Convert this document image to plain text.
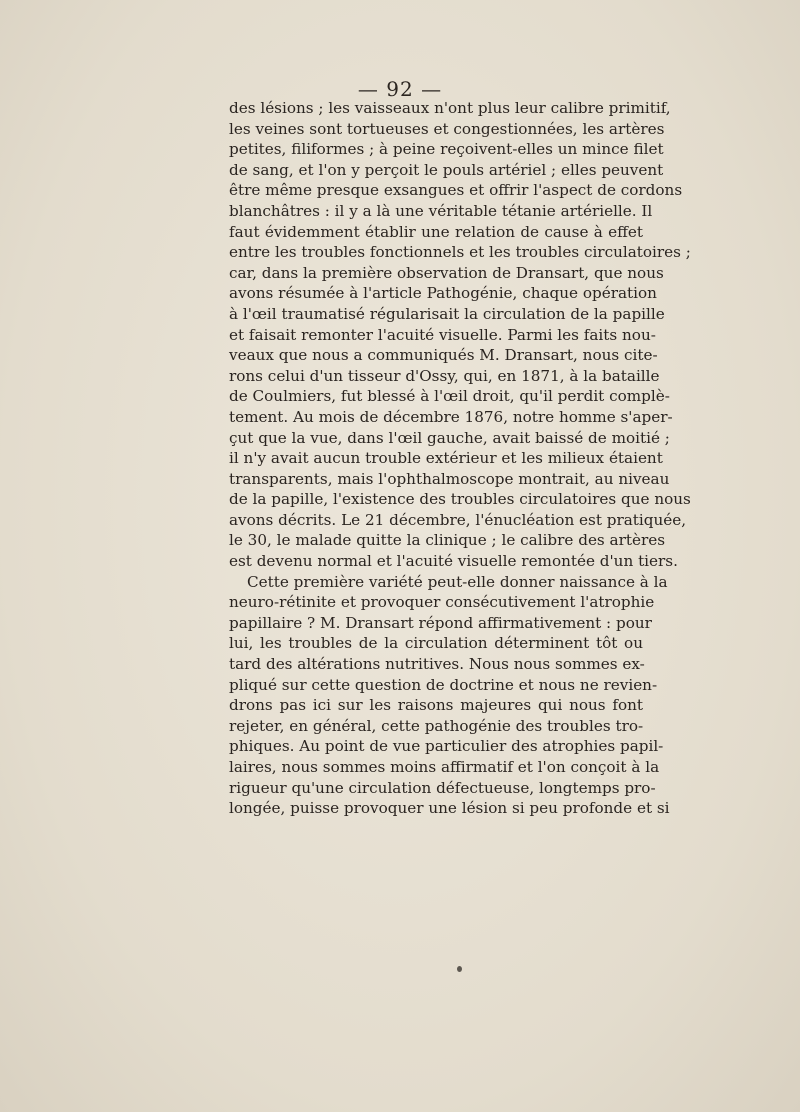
— 92 —
des lésions ; les vaisseaux n'ont plus leur calibre primitif,
les veines sont tortueuses et congestionnées, les artères
petites, filiformes ; à peine reçoivent-elles un mince filet
de sang, et l'on y perçoit le pouls artériel ; elles peuvent
être même presque exsangues et offrir l'aspect de cordons
blanchâtres : il y a là une véritable tétanie artérielle. Il
faut évidemment établir une relation de cause à effet
entre les troubles fonctionnels et les troubles circulatoires ;
car, dans la première observation de Dransart, que nous
avons résumée à l'article Pathogénie, chaque opération
à l'œil traumatisé régularisait la circulation de la papille
et faisait remonter l'acuité visuelle. Parmi les faits nou-
veaux que nous a communiqués M. Dransart, nous cite-
rons celui d'un tisseur d'Ossy, qui, en 1871, à la bataille
de Coulmiers, fut blessé à l'œil droit, qu'il perdit complè-
tement. Au mois de décembre 1876, notre homme s'aper-
çut que la vue, dans l'œil gauche, avait baissé de moitié ;
il n'y avait aucun trouble extérieur et les milieux étaient
transparents, mais l'ophthalmoscope montrait, au niveau
de la papille, l'existence des troubles circulatoires que nous
avons décrits. Le 21 décembre, l'énucléation est pratiquée,
le 30, le malade quitte la clinique ; le calibre des artères
est devenu normal et l'acuité visuelle remontée d'un tiers.
Cette première variété peut-elle donner naissance à la
neuro-rétinite et provoquer consécutivement l'atrophie
papillaire ? M. Dransart répond affirmativement : pour
lui, les troubles de la circulation déterminent tôt ou
tard des altérations nutritives. Nous nous sommes ex-
pliqué sur cette question de doctrine et nous ne revien-
drons pas ici sur les raisons majeures qui nous font
rejeter, en général, cette pathogénie des troubles tro-
phiques. Au point de vue particulier des atrophies papil-
laires, nous sommes moins affirmatif et l'on conçoit à la
rigueur qu'une circulation défectueuse, longtemps pro-
longée, puisse provoquer une lésion si peu profonde et si
